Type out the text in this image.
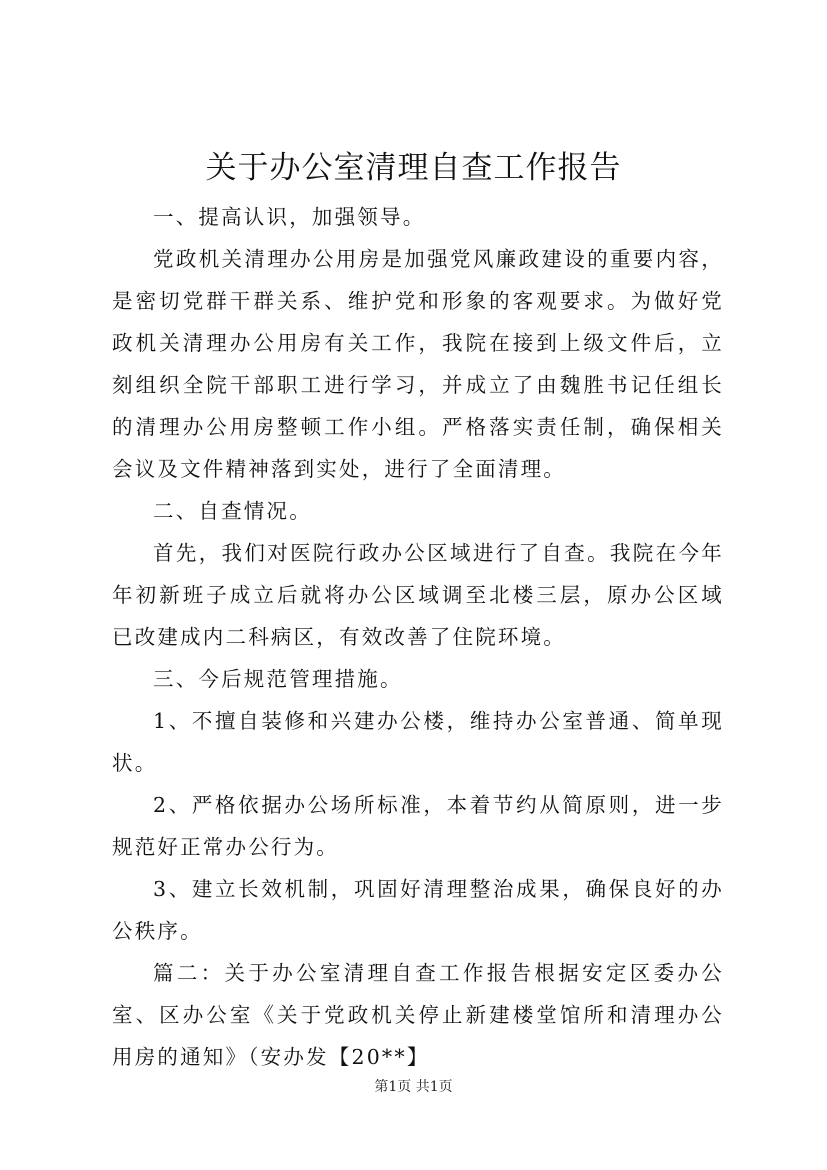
关于办公室清理自查工作报告

一、提高认识，加强领导。

党政机关清理办公用房是加强党风廉政建设的重要内容，是密切党群干群关系、维护党和形象的客观要求。为做好党政机关清理办公用房有关工作，我院在接到上级文件后，立刻组织全院干部职工进行学习，并成立了由魏胜书记任组长的清理办公用房整顿工作小组。严格落实责任制，确保相关会议及文件精神落到实处，进行了全面清理。

二、自查情况。

首先，我们对医院行政办公区域进行了自查。我院在今年年初新班子成立后就将办公区域调至北楼三层，原办公区域已改建成内二科病区，有效改善了住院环境。

三、今后规范管理措施。

1、不擅自装修和兴建办公楼，维持办公室普通、简单现状。

2、严格依据办公场所标准，本着节约从简原则，进一步规范好正常办公行为。

3、建立长效机制，巩固好清理整治成果，确保良好的办公秩序。

篇二：关于办公室清理自查工作报告根据安定区委办公室、区办公室《关于党政机关停止新建楼堂馆所和清理办公用房的通知》（安办发【20**】

第1页 共1页
